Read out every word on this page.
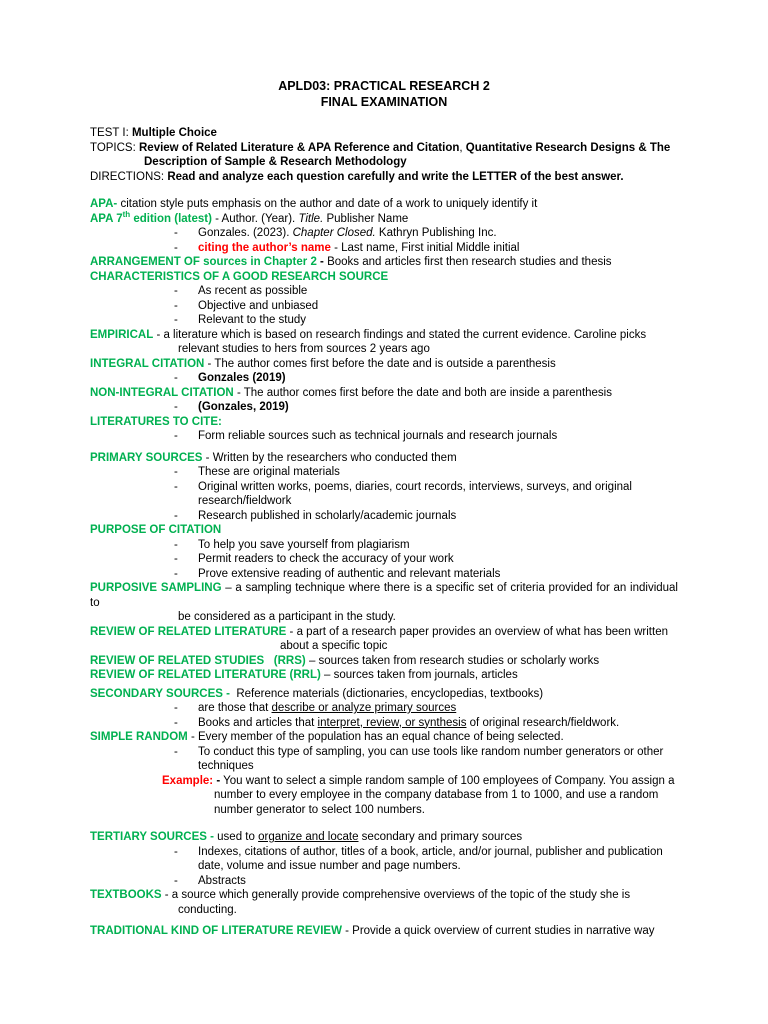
APLD03: PRACTICAL RESEARCH 2
FINAL EXAMINATION
TEST I: Multiple Choice
TOPICS: Review of Related Literature & APA Reference and Citation, Quantitative Research Designs & The
Description of Sample & Research Methodology
DIRECTIONS: Read and analyze each question carefully and write the LETTER of the best answer.
APA- citation style puts emphasis on the author and date of a work to uniquely identify it
APA 7th edition (latest) - Author. (Year). Title. Publisher Name
- Gonzales. (2023). Chapter Closed. Kathryn Publishing Inc.
- citing the author’s name - Last name, First initial Middle initial
ARRANGEMENT OF sources in Chapter 2 - Books and articles first then research studies and thesis
CHARACTERISTICS OF A GOOD RESEARCH SOURCE
- As recent as possible
- Objective and unbiased
- Relevant to the study
EMPIRICAL - a literature which is based on research findings and stated the current evidence. Caroline picks
relevant studies to hers from sources 2 years ago
INTEGRAL CITATION - The author comes first before the date and is outside a parenthesis
- Gonzales (2019)
NON-INTEGRAL CITATION - The author comes first before the date and both are inside a parenthesis
- (Gonzales, 2019)
LITERATURES TO CITE:
- Form reliable sources such as technical journals and research journals
PRIMARY SOURCES - Written by the researchers who conducted them
- These are original materials
- Original written works, poems, diaries, court records, interviews, surveys, and original
research/fieldwork
- Research published in scholarly/academic journals
PURPOSE OF CITATION
- To help you save yourself from plagiarism
- Permit readers to check the accuracy of your work
- Prove extensive reading of authentic and relevant materials
PURPOSIVE SAMPLING – a sampling technique where there is a specific set of criteria provided for an individual to
be considered as a participant in the study.
REVIEW OF RELATED LITERATURE - a part of a research paper provides an overview of what has been written
about a specific topic
REVIEW OF RELATED STUDIES   (RRS) – sources taken from research studies or scholarly works
REVIEW OF RELATED LITERATURE (RRL) – sources taken from journals, articles
SECONDARY SOURCES -  Reference materials (dictionaries, encyclopedias, textbooks)
- are those that describe or analyze primary sources
- Books and articles that interpret, review, or synthesis of original research/fieldwork.
SIMPLE RANDOM - Every member of the population has an equal chance of being selected.
- To conduct this type of sampling, you can use tools like random number generators or other
techniques
Example: - You want to select a simple random sample of 100 employees of Company. You assign a
number to every employee in the company database from 1 to 1000, and use a random
number generator to select 100 numbers.
TERTIARY SOURCES - used to organize and locate secondary and primary sources
- Indexes, citations of author, titles of a book, article, and/or journal, publisher and publication
date, volume and issue number and page numbers.
- Abstracts
TEXTBOOKS - a source which generally provide comprehensive overviews of the topic of the study she is
conducting.
TRADITIONAL KIND OF LITERATURE REVIEW - Provide a quick overview of current studies in narrative way
